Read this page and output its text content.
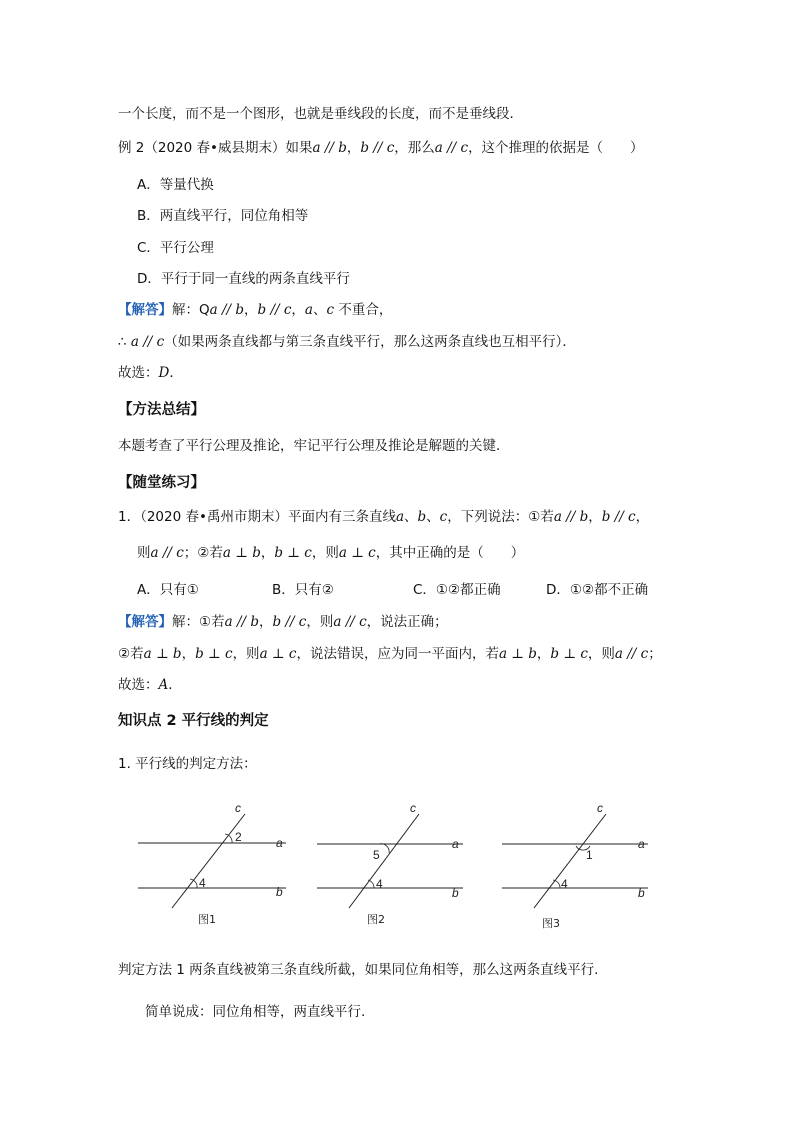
一个长度，而不是一个图形，也就是垂线段的长度，而不是垂线段．
例 2（2020 春•威县期末）如果a // b，b // c，那么a // c，这个推理的依据是（　　）
A．等量代换
B．两直线平行，同位角相等
C．平行公理
D．平行于同一直线的两条直线平行
【解答】解：Qa // b，b // c，a、c 不重合，
∴ a // c（如果两条直线都与第三条直线平行，那么这两条直线也互相平行）．
故选：D．
【方法总结】
本题考查了平行公理及推论，牢记平行公理及推论是解题的关键．
【随堂练习】
1．（2020 春•禹州市期末）平面内有三条直线a、b、c，下列说法：①若a // b，b // c，
则a // c；②若a ⊥ b，b ⊥ c，则a ⊥ c，其中正确的是（　　）
A．只有①	B．只有②	C．①②都正确	D．①②都不正确
【解答】解：①若a // b，b // c，则a // c，说法正确；
②若a ⊥ b，b ⊥ c，则a ⊥ c，说法错误，应为同一平面内，若a ⊥ b，b ⊥ c，则a // c；
故选：A．
知识点 2 平行线的判定
1. 平行线的判定方法：
c
2	a
4
b
图1
c
5
a
4
b
图2
c
1
a
4
b
图3
判定方法 1 两条直线被第三条直线所截，如果同位角相等，那么这两条直线平行.
简单说成：同位角相等，两直线平行.
